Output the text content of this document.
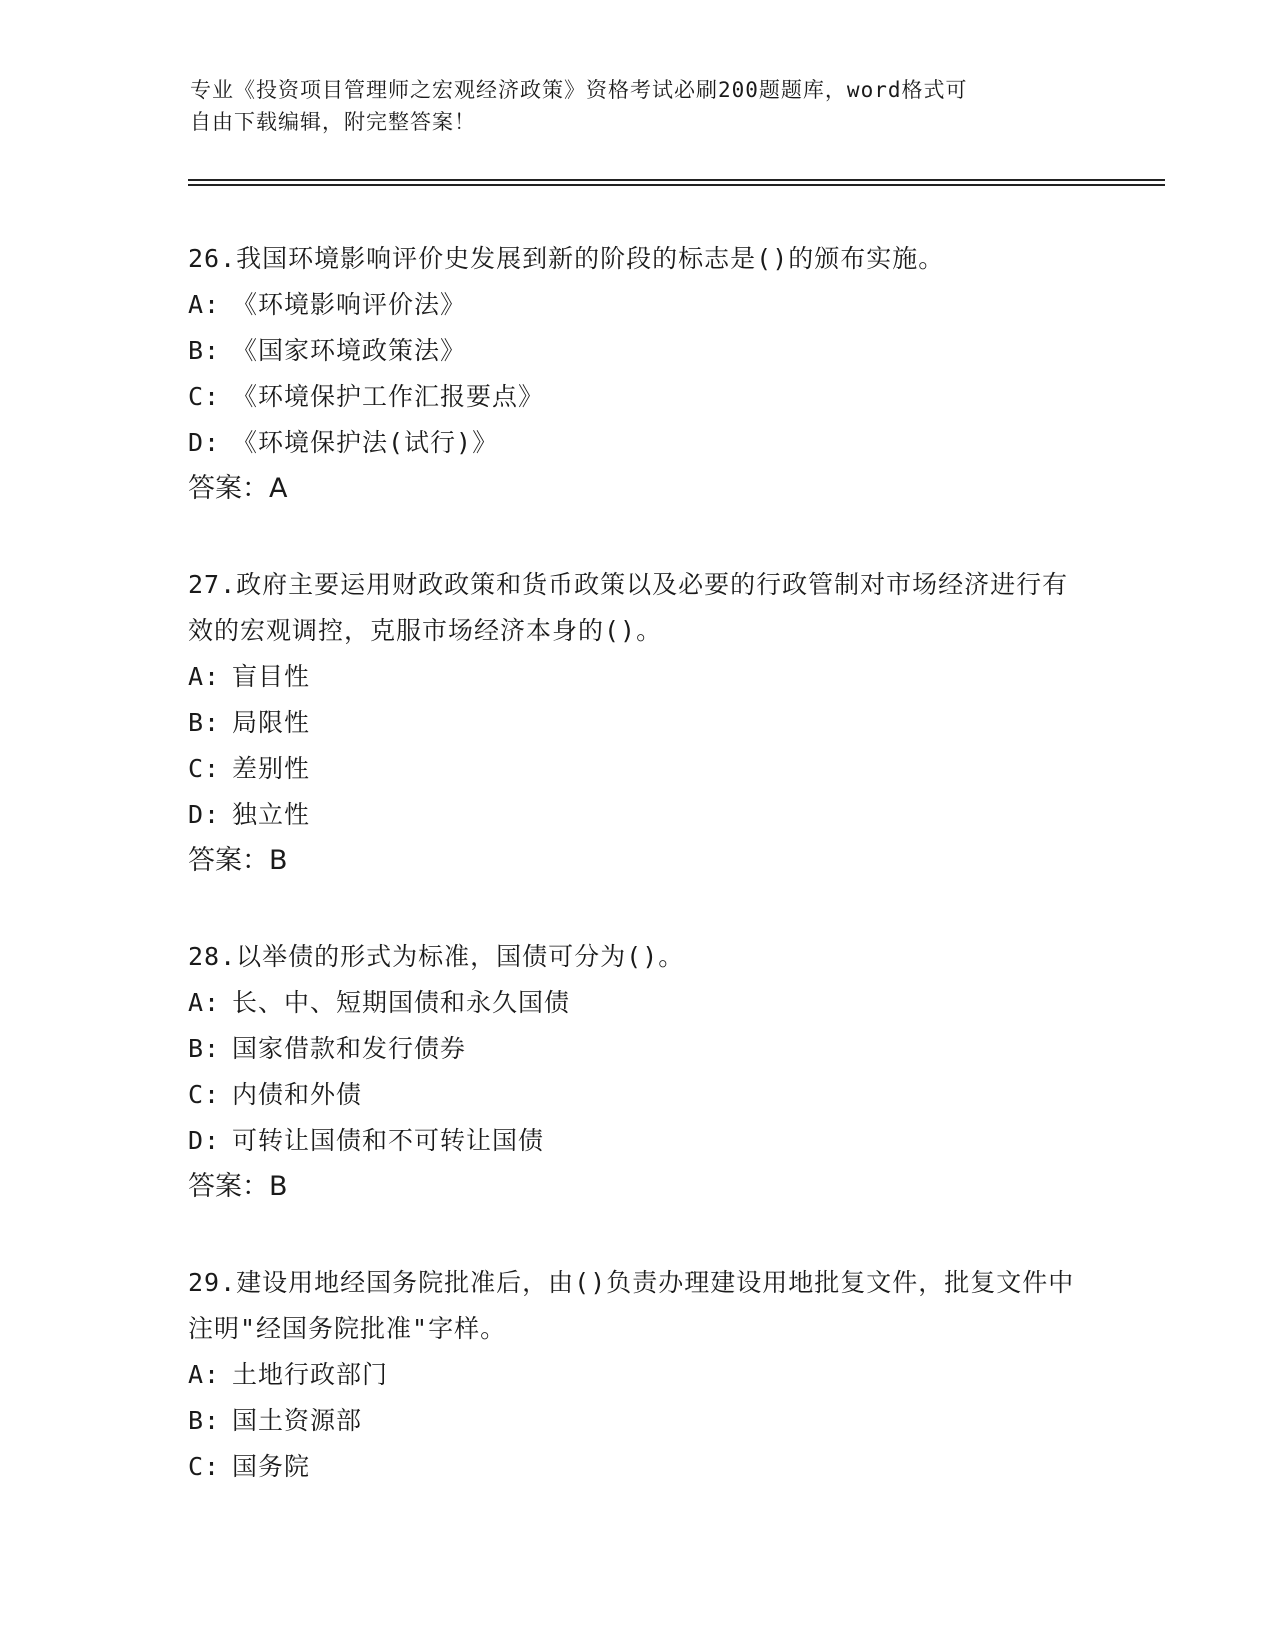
专业《投资项目管理师之宏观经济政策》资格考试必刷200题题库，word格式可

自由下载编辑，附完整答案！

26.我国环境影响评价史发展到新的阶段的标志是()的颁布实施。

A: 《环境影响评价法》

B: 《国家环境政策法》

C: 《环境保护工作汇报要点》

D: 《环境保护法(试行)》

答案：A

27.政府主要运用财政政策和货币政策以及必要的行政管制对市场经济进行有效的宏观调控，克服市场经济本身的()。

A: 盲目性

B: 局限性

C: 差别性

D: 独立性

答案：B

28.以举债的形式为标准，国债可分为()。

A: 长、中、短期国债和永久国债

B: 国家借款和发行债券

C: 内债和外债

D: 可转让国债和不可转让国债

答案：B

29.建设用地经国务院批准后，由()负责办理建设用地批复文件，批复文件中注明"经国务院批准"字样。

A: 土地行政部门

B: 国土资源部

C: 国务院
